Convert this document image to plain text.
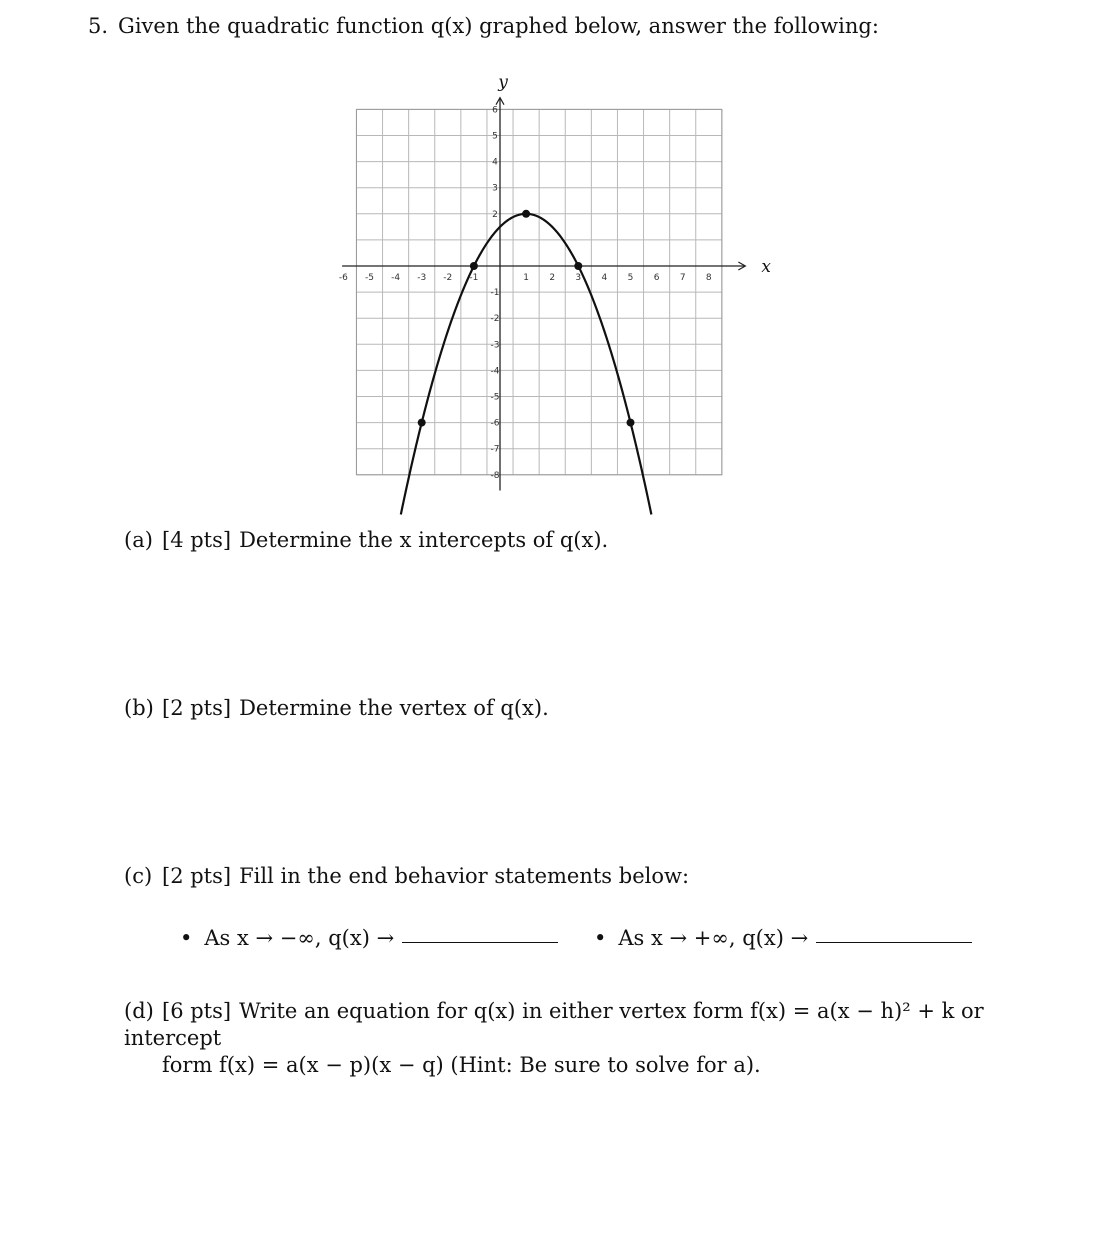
5. Given the quadratic function q(x) graphed below, answer the following:
x
y
-6 -5 -4 -3 -2 -1	1 2 3 4 5 6 7 8
6
5
4
3
2
-1
-2
-3
-4
-5
-6
-7
-8
(a) [4 pts] Determine the x intercepts of q(x).
(b) [2 pts] Determine the vertex of q(x).
(c) [2 pts] Fill in the end behavior statements below:
• As x → −∞, q(x) →	• As x → +∞, q(x) →
(d) [6 pts] Write an equation for q(x) in either vertex form f(x) = a(x − h)² + k or intercept
form f(x) = a(x − p)(x − q) (Hint: Be sure to solve for a).
